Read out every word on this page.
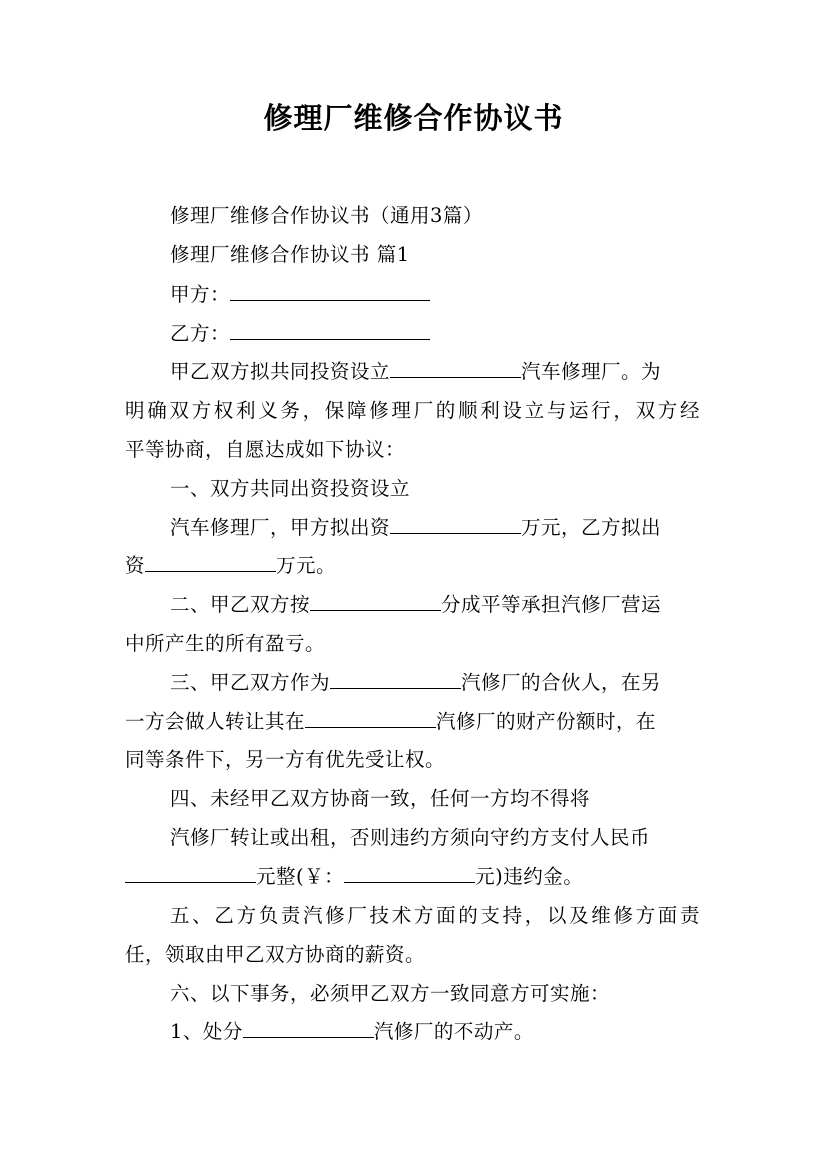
修理厂维修合作协议书
修理厂维修合作协议书（通用3篇）
修理厂维修合作协议书 篇1
甲方：
乙方：
甲乙双方拟共同投资设立	汽车修理厂。为
明确双方权利义务，保障修理厂的顺利设立与运行，双方经
平等协商，自愿达成如下协议：
一、双方共同出资投资设立
汽车修理厂，甲方拟出资	万元，乙方拟出
资	万元。
二、甲乙双方按	分成平等承担汽修厂营运
中所产生的所有盈亏。
三、甲乙双方作为	汽修厂的合伙人，在另
一方会做人转让其在	汽修厂的财产份额时，在
同等条件下，另一方有优先受让权。
四、未经甲乙双方协商一致，任何一方均不得将
汽修厂转让或出租，否则违约方须向守约方支付人民币
元整(￥：	元)违约金。
五、乙方负责汽修厂技术方面的支持，以及维修方面责
任，领取由甲乙双方协商的薪资。
六、以下事务，必须甲乙双方一致同意方可实施：
1、处分	汽修厂的不动产。
